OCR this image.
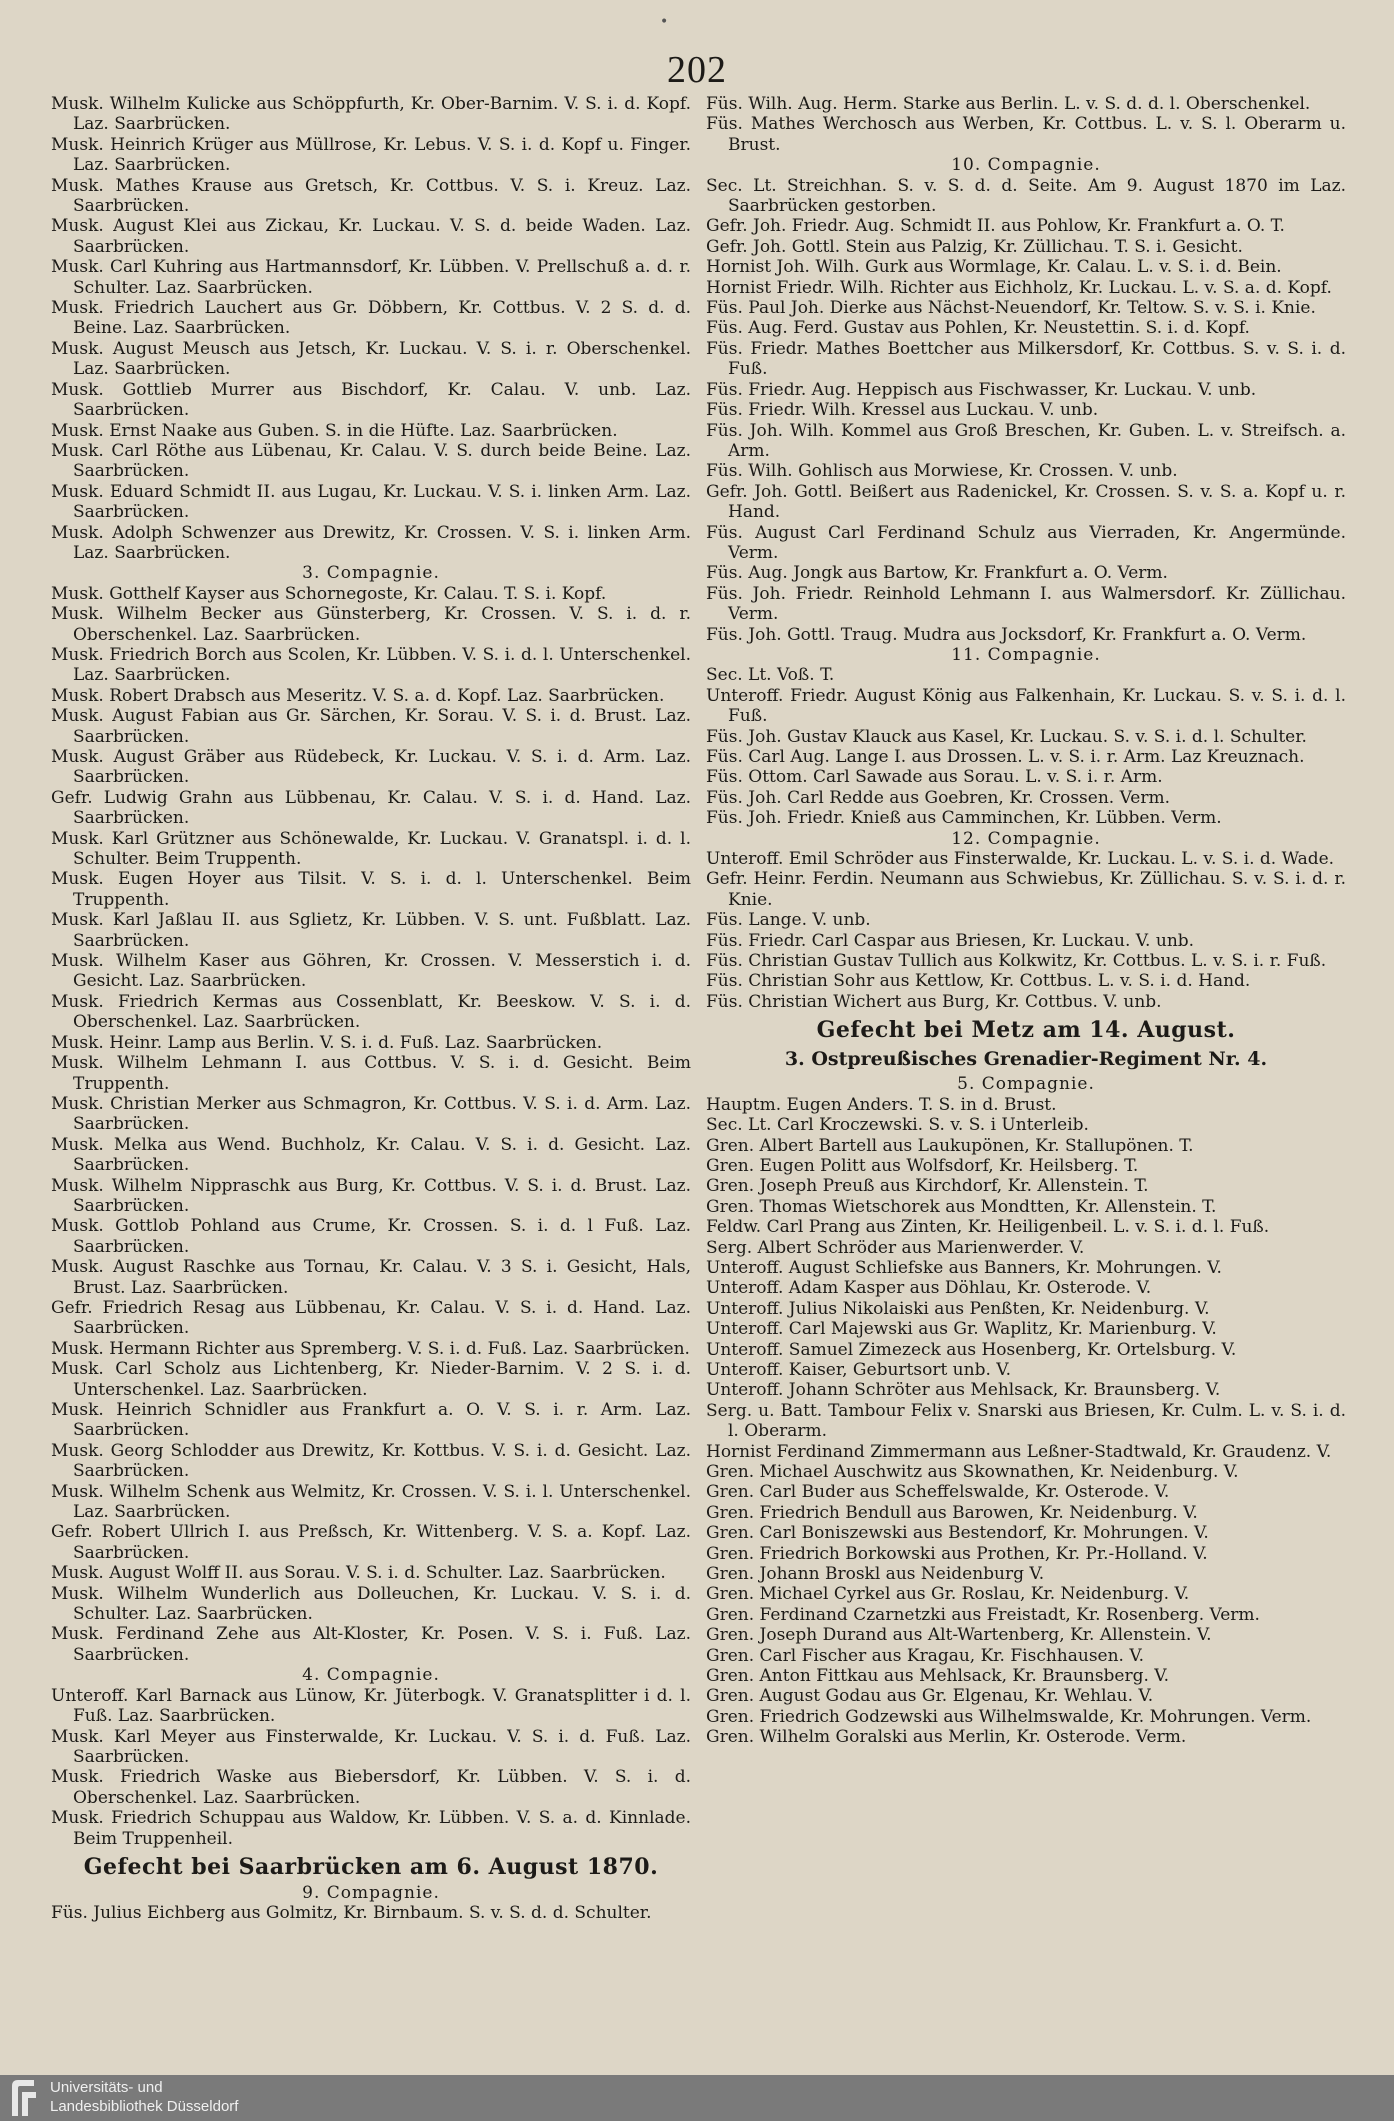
•
202
Musk. Wilhelm Kulicke aus Schöppfurth, Kr. Ober-Barnim. V. S. i. d. Kopf. Laz. Saarbrücken.
Musk. Heinrich Krüger aus Müllrose, Kr. Lebus. V. S. i. d. Kopf u. Finger. Laz. Saarbrücken.
Musk. Mathes Krause aus Gretsch, Kr. Cottbus. V. S. i. Kreuz. Laz. Saarbrücken.
Musk. August Klei aus Zickau, Kr. Luckau. V. S. d. beide Waden. Laz. Saarbrücken.
Musk. Carl Kuhring aus Hartmannsdorf, Kr. Lübben. V. Prellschuß a. d. r. Schulter. Laz. Saarbrücken.
Musk. Friedrich Lauchert aus Gr. Döbbern, Kr. Cottbus. V. 2 S. d. d. Beine. Laz. Saarbrücken.
Musk. August Meusch aus Jetsch, Kr. Luckau. V. S. i. r. Oberschenkel. Laz. Saarbrücken.
Musk. Gottlieb Murrer aus Bischdorf, Kr. Calau. V. unb. Laz. Saarbrücken.
Musk. Ernst Naake aus Guben. S. in die Hüfte. Laz. Saarbrücken.
Musk. Carl Röthe aus Lübenau, Kr. Calau. V. S. durch beide Beine. Laz. Saarbrücken.
Musk. Eduard Schmidt II. aus Lugau, Kr. Luckau. V. S. i. linken Arm. Laz. Saarbrücken.
Musk. Adolph Schwenzer aus Drewitz, Kr. Crossen. V. S. i. linken Arm. Laz. Saarbrücken.
3. Compagnie.
Musk. Gotthelf Kayser aus Schornegoste, Kr. Calau. T. S. i. Kopf.
Musk. Wilhelm Becker aus Günsterberg, Kr. Crossen. V. S. i. d. r. Oberschenkel. Laz. Saarbrücken.
Musk. Friedrich Borch aus Scolen, Kr. Lübben. V. S. i. d. l. Unterschenkel. Laz. Saarbrücken.
Musk. Robert Drabsch aus Meseritz. V. S. a. d. Kopf. Laz. Saarbrücken.
Musk. August Fabian aus Gr. Särchen, Kr. Sorau. V. S. i. d. Brust. Laz. Saarbrücken.
Musk. August Gräber aus Rüdebeck, Kr. Luckau. V. S. i. d. Arm. Laz. Saarbrücken.
Gefr. Ludwig Grahn aus Lübbenau, Kr. Calau. V. S. i. d. Hand. Laz. Saarbrücken.
Musk. Karl Grützner aus Schönewalde, Kr. Luckau. V. Granatspl. i. d. l. Schulter. Beim Truppenth.
Musk. Eugen Hoyer aus Tilsit. V. S. i. d. l. Unterschenkel. Beim Truppenth.
Musk. Karl Jaßlau II. aus Sglietz, Kr. Lübben. V. S. unt. Fußblatt. Laz. Saarbrücken.
Musk. Wilhelm Kaser aus Göhren, Kr. Crossen. V. Messerstich i. d. Gesicht. Laz. Saarbrücken.
Musk. Friedrich Kermas aus Cossenblatt, Kr. Beeskow. V. S. i. d. Oberschenkel. Laz. Saarbrücken.
Musk. Heinr. Lamp aus Berlin. V. S. i. d. Fuß. Laz. Saarbrücken.
Musk. Wilhelm Lehmann I. aus Cottbus. V. S. i. d. Gesicht. Beim Truppenth.
Musk. Christian Merker aus Schmagron, Kr. Cottbus. V. S. i. d. Arm. Laz. Saarbrücken.
Musk. Melka aus Wend. Buchholz, Kr. Calau. V. S. i. d. Gesicht. Laz. Saarbrücken.
Musk. Wilhelm Nippraschk aus Burg, Kr. Cottbus. V. S. i. d. Brust. Laz. Saarbrücken.
Musk. Gottlob Pohland aus Crume, Kr. Crossen. S. i. d. l Fuß. Laz. Saarbrücken.
Musk. August Raschke aus Tornau, Kr. Calau. V. 3 S. i. Gesicht, Hals, Brust. Laz. Saarbrücken.
Gefr. Friedrich Resag aus Lübbenau, Kr. Calau. V. S. i. d. Hand. Laz. Saarbrücken.
Musk. Hermann Richter aus Spremberg. V. S. i. d. Fuß. Laz. Saarbrücken.
Musk. Carl Scholz aus Lichtenberg, Kr. Nieder-Barnim. V. 2 S. i. d. Unterschenkel. Laz. Saarbrücken.
Musk. Heinrich Schnidler aus Frankfurt a. O. V. S. i. r. Arm. Laz. Saarbrücken.
Musk. Georg Schlodder aus Drewitz, Kr. Kottbus. V. S. i. d. Gesicht. Laz. Saarbrücken.
Musk. Wilhelm Schenk aus Welmitz, Kr. Crossen. V. S. i. l. Unterschenkel. Laz. Saarbrücken.
Gefr. Robert Ullrich I. aus Preßsch, Kr. Wittenberg. V. S. a. Kopf. Laz. Saarbrücken.
Musk. August Wolff II. aus Sorau. V. S. i. d. Schulter. Laz. Saarbrücken.
Musk. Wilhelm Wunderlich aus Dolleuchen, Kr. Luckau. V. S. i. d. Schulter. Laz. Saarbrücken.
Musk. Ferdinand Zehe aus Alt-Kloster, Kr. Posen. V. S. i. Fuß. Laz. Saarbrücken.
4. Compagnie.
Unteroff. Karl Barnack aus Lünow, Kr. Jüterbogk. V. Granatsplitter i d. l. Fuß. Laz. Saarbrücken.
Musk. Karl Meyer aus Finsterwalde, Kr. Luckau. V. S. i. d. Fuß. Laz. Saarbrücken.
Musk. Friedrich Waske aus Biebersdorf, Kr. Lübben. V. S. i. d. Oberschenkel. Laz. Saarbrücken.
Musk. Friedrich Schuppau aus Waldow, Kr. Lübben. V. S. a. d. Kinnlade. Beim Truppenheil.
Gefecht bei Saarbrücken am 6. August 1870.
9. Compagnie.
Füs. Julius Eichberg aus Golmitz, Kr. Birnbaum. S. v. S. d. d. Schulter.
Füs. Wilh. Aug. Herm. Starke aus Berlin. L. v. S. d. d. l. Oberschenkel.
Füs. Mathes Werchosch aus Werben, Kr. Cottbus. L. v. S. l. Oberarm u. Brust.
10. Compagnie.
Sec. Lt. Streichhan. S. v. S. d. d. Seite. Am 9. August 1870 im Laz. Saarbrücken gestorben.
Gefr. Joh. Friedr. Aug. Schmidt II. aus Pohlow, Kr. Frankfurt a. O. T.
Gefr. Joh. Gottl. Stein aus Palzig, Kr. Züllichau. T. S. i. Gesicht.
Hornist Joh. Wilh. Gurk aus Wormlage, Kr. Calau. L. v. S. i. d. Bein.
Hornist Friedr. Wilh. Richter aus Eichholz, Kr. Luckau. L. v. S. a. d. Kopf.
Füs. Paul Joh. Dierke aus Nächst-Neuendorf, Kr. Teltow. S. v. S. i. Knie.
Füs. Aug. Ferd. Gustav aus Pohlen, Kr. Neustettin. S. i. d. Kopf.
Füs. Friedr. Mathes Boettcher aus Milkersdorf, Kr. Cottbus. S. v. S. i. d. Fuß.
Füs. Friedr. Aug. Heppisch aus Fischwasser, Kr. Luckau. V. unb.
Füs. Friedr. Wilh. Kressel aus Luckau. V. unb.
Füs. Joh. Wilh. Kommel aus Groß Breschen, Kr. Guben. L. v. Streifsch. a. Arm.
Füs. Wilh. Gohlisch aus Morwiese, Kr. Crossen. V. unb.
Gefr. Joh. Gottl. Beißert aus Radenickel, Kr. Crossen. S. v. S. a. Kopf u. r. Hand.
Füs. August Carl Ferdinand Schulz aus Vierraden, Kr. Angermünde. Verm.
Füs. Aug. Jongk aus Bartow, Kr. Frankfurt a. O. Verm.
Füs. Joh. Friedr. Reinhold Lehmann I. aus Walmersdorf. Kr. Züllichau. Verm.
Füs. Joh. Gottl. Traug. Mudra aus Jocksdorf, Kr. Frankfurt a. O. Verm.
11. Compagnie.
Sec. Lt. Voß. T.
Unteroff. Friedr. August König aus Falkenhain, Kr. Luckau. S. v. S. i. d. l. Fuß.
Füs. Joh. Gustav Klauck aus Kasel, Kr. Luckau. S. v. S. i. d. l. Schulter.
Füs. Carl Aug. Lange I. aus Drossen. L. v. S. i. r. Arm. Laz Kreuznach.
Füs. Ottom. Carl Sawade aus Sorau. L. v. S. i. r. Arm.
Füs. Joh. Carl Redde aus Goebren, Kr. Crossen. Verm.
Füs. Joh. Friedr. Knieß aus Camminchen, Kr. Lübben. Verm.
12. Compagnie.
Unteroff. Emil Schröder aus Finsterwalde, Kr. Luckau. L. v. S. i. d. Wade.
Gefr. Heinr. Ferdin. Neumann aus Schwiebus, Kr. Züllichau. S. v. S. i. d. r. Knie.
Füs. Lange. V. unb.
Füs. Friedr. Carl Caspar aus Briesen, Kr. Luckau. V. unb.
Füs. Christian Gustav Tullich aus Kolkwitz, Kr. Cottbus. L. v. S. i. r. Fuß.
Füs. Christian Sohr aus Kettlow, Kr. Cottbus. L. v. S. i. d. Hand.
Füs. Christian Wichert aus Burg, Kr. Cottbus. V. unb.
Gefecht bei Metz am 14. August.
3. Ostpreußisches Grenadier-Regiment Nr. 4.
5. Compagnie.
Hauptm. Eugen Anders. T. S. in d. Brust.
Sec. Lt. Carl Kroczewski. S. v. S. i Unterleib.
Gren. Albert Bartell aus Laukupönen, Kr. Stallupönen. T.
Gren. Eugen Politt aus Wolfsdorf, Kr. Heilsberg. T.
Gren. Joseph Preuß aus Kirchdorf, Kr. Allenstein. T.
Gren. Thomas Wietschorek aus Mondtten, Kr. Allenstein. T.
Feldw. Carl Prang aus Zinten, Kr. Heiligenbeil. L. v. S. i. d. l. Fuß.
Serg. Albert Schröder aus Marienwerder. V.
Unteroff. August Schliefske aus Banners, Kr. Mohrungen. V.
Unteroff. Adam Kasper aus Döhlau, Kr. Osterode. V.
Unteroff. Julius Nikolaiski aus Penßten, Kr. Neidenburg. V.
Unteroff. Carl Majewski aus Gr. Waplitz, Kr. Marienburg. V.
Unteroff. Samuel Zimezeck aus Hosenberg, Kr. Ortelsburg. V.
Unteroff. Kaiser, Geburtsort unb. V.
Unteroff. Johann Schröter aus Mehlsack, Kr. Braunsberg. V.
Serg. u. Batt. Tambour Felix v. Snarski aus Briesen, Kr. Culm. L. v. S. i. d. l. Oberarm.
Hornist Ferdinand Zimmermann aus Leßner-Stadtwald, Kr. Graudenz. V.
Gren. Michael Auschwitz aus Skownathen, Kr. Neidenburg. V.
Gren. Carl Buder aus Scheffelswalde, Kr. Osterode. V.
Gren. Friedrich Bendull aus Barowen, Kr. Neidenburg. V.
Gren. Carl Boniszewski aus Bestendorf, Kr. Mohrungen. V.
Gren. Friedrich Borkowski aus Prothen, Kr. Pr.-Holland. V.
Gren. Johann Broskl aus Neidenburg V.
Gren. Michael Cyrkel aus Gr. Roslau, Kr. Neidenburg. V.
Gren. Ferdinand Czarnetzki aus Freistadt, Kr. Rosenberg. Verm.
Gren. Joseph Durand aus Alt-Wartenberg, Kr. Allenstein. V.
Gren. Carl Fischer aus Kragau, Kr. Fischhausen. V.
Gren. Anton Fittkau aus Mehlsack, Kr. Braunsberg. V.
Gren. August Godau aus Gr. Elgenau, Kr. Wehlau. V.
Gren. Friedrich Godzewski aus Wilhelmswalde, Kr. Mohrungen. Verm.
Gren. Wilhelm Goralski aus Merlin, Kr. Osterode. Verm.
Universitäts- und
Landesbibliothek Düsseldorf
